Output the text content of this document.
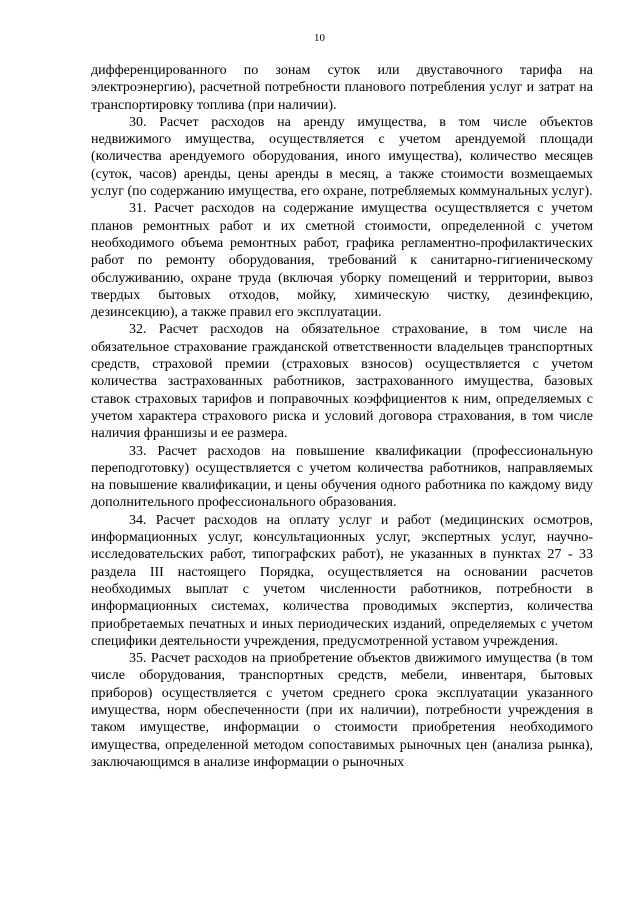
10

дифференцированного по зонам суток или двуставочного тарифа на электроэнергию), расчетной потребности планового потребления услуг и затрат на транспортировку топлива (при наличии).

30. Расчет расходов на аренду имущества, в том числе объектов недвижимого имущества, осуществляется с учетом арендуемой площади (количества арендуемого оборудования, иного имущества), количество месяцев (суток, часов) аренды, цены аренды в месяц, а также стоимости возмещаемых услуг (по содержанию имущества, его охране, потребляемых коммунальных услуг).

31. Расчет расходов на содержание имущества осуществляется с учетом планов ремонтных работ и их сметной стоимости, определенной с учетом необходимого объема ремонтных работ, графика регламентно-профилактических работ по ремонту оборудования, требований к санитарно-гигиеническому обслуживанию, охране труда (включая уборку помещений и территории, вывоз твердых бытовых отходов, мойку, химическую чистку, дезинфекцию, дезинсекцию), а также правил его эксплуатации.

32. Расчет расходов на обязательное страхование, в том числе на обязательное страхование гражданской ответственности владельцев транспортных средств, страховой премии (страховых взносов) осуществляется с учетом количества застрахованных работников, застрахованного имущества, базовых ставок страховых тарифов и поправочных коэффициентов к ним, определяемых с учетом характера страхового риска и условий договора страхования, в том числе наличия франшизы и ее размера.

33. Расчет расходов на повышение квалификации (профессиональную переподготовку) осуществляется с учетом количества работников, направляемых на повышение квалификации, и цены обучения одного работника по каждому виду дополнительного профессионального образования.

34. Расчет расходов на оплату услуг и работ (медицинских осмотров, информационных услуг, консультационных услуг, экспертных услуг, научно-исследовательских работ, типографских работ), не указанных в пунктах 27 - 33 раздела III настоящего Порядка, осуществляется на основании расчетов необходимых выплат с учетом численности работников, потребности в информационных системах, количества проводимых экспертиз, количества приобретаемых печатных и иных периодических изданий, определяемых с учетом специфики деятельности учреждения, предусмотренной уставом учреждения.

35. Расчет расходов на приобретение объектов движимого имущества (в том числе оборудования, транспортных средств, мебели, инвентаря, бытовых приборов) осуществляется с учетом среднего срока эксплуатации указанного имущества, норм обеспеченности (при их наличии), потребности учреждения в таком имуществе, информации о стоимости приобретения необходимого имущества, определенной методом сопоставимых рыночных цен (анализа рынка), заключающимся в анализе информации о рыночных
